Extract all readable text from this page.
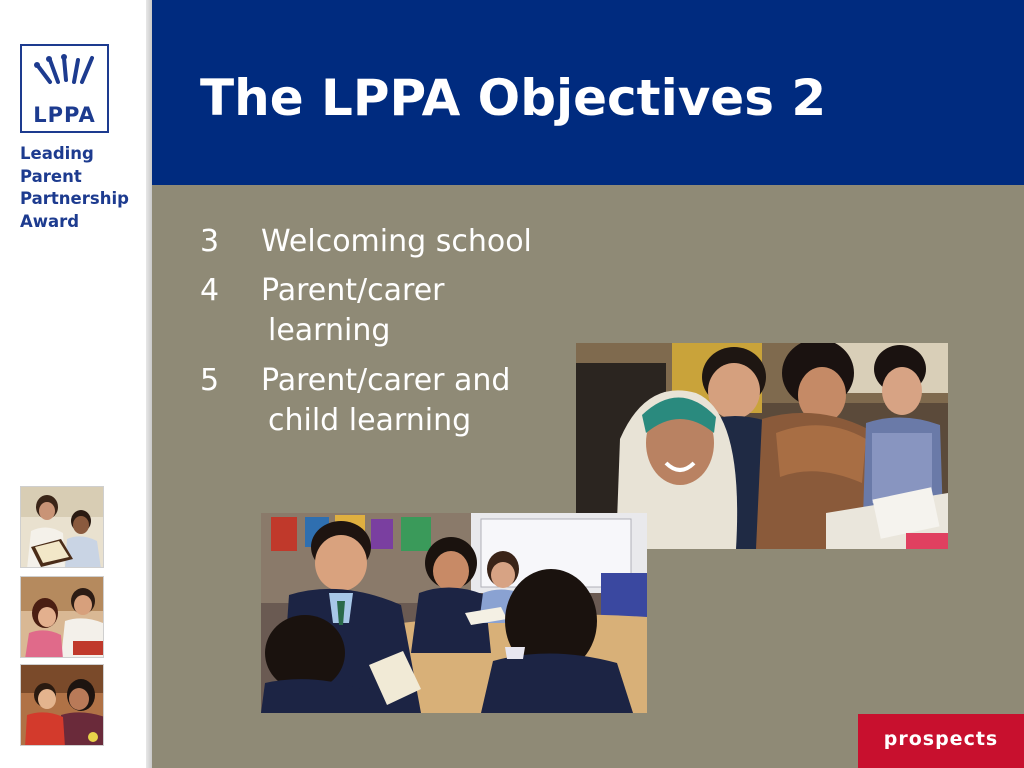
LPPA
Leading
Parent
Partnership
Award
The LPPA Objectives 2
3	Welcoming school
4	Parent/carer
learning
5	Parent/carer and
child learning
prospects
